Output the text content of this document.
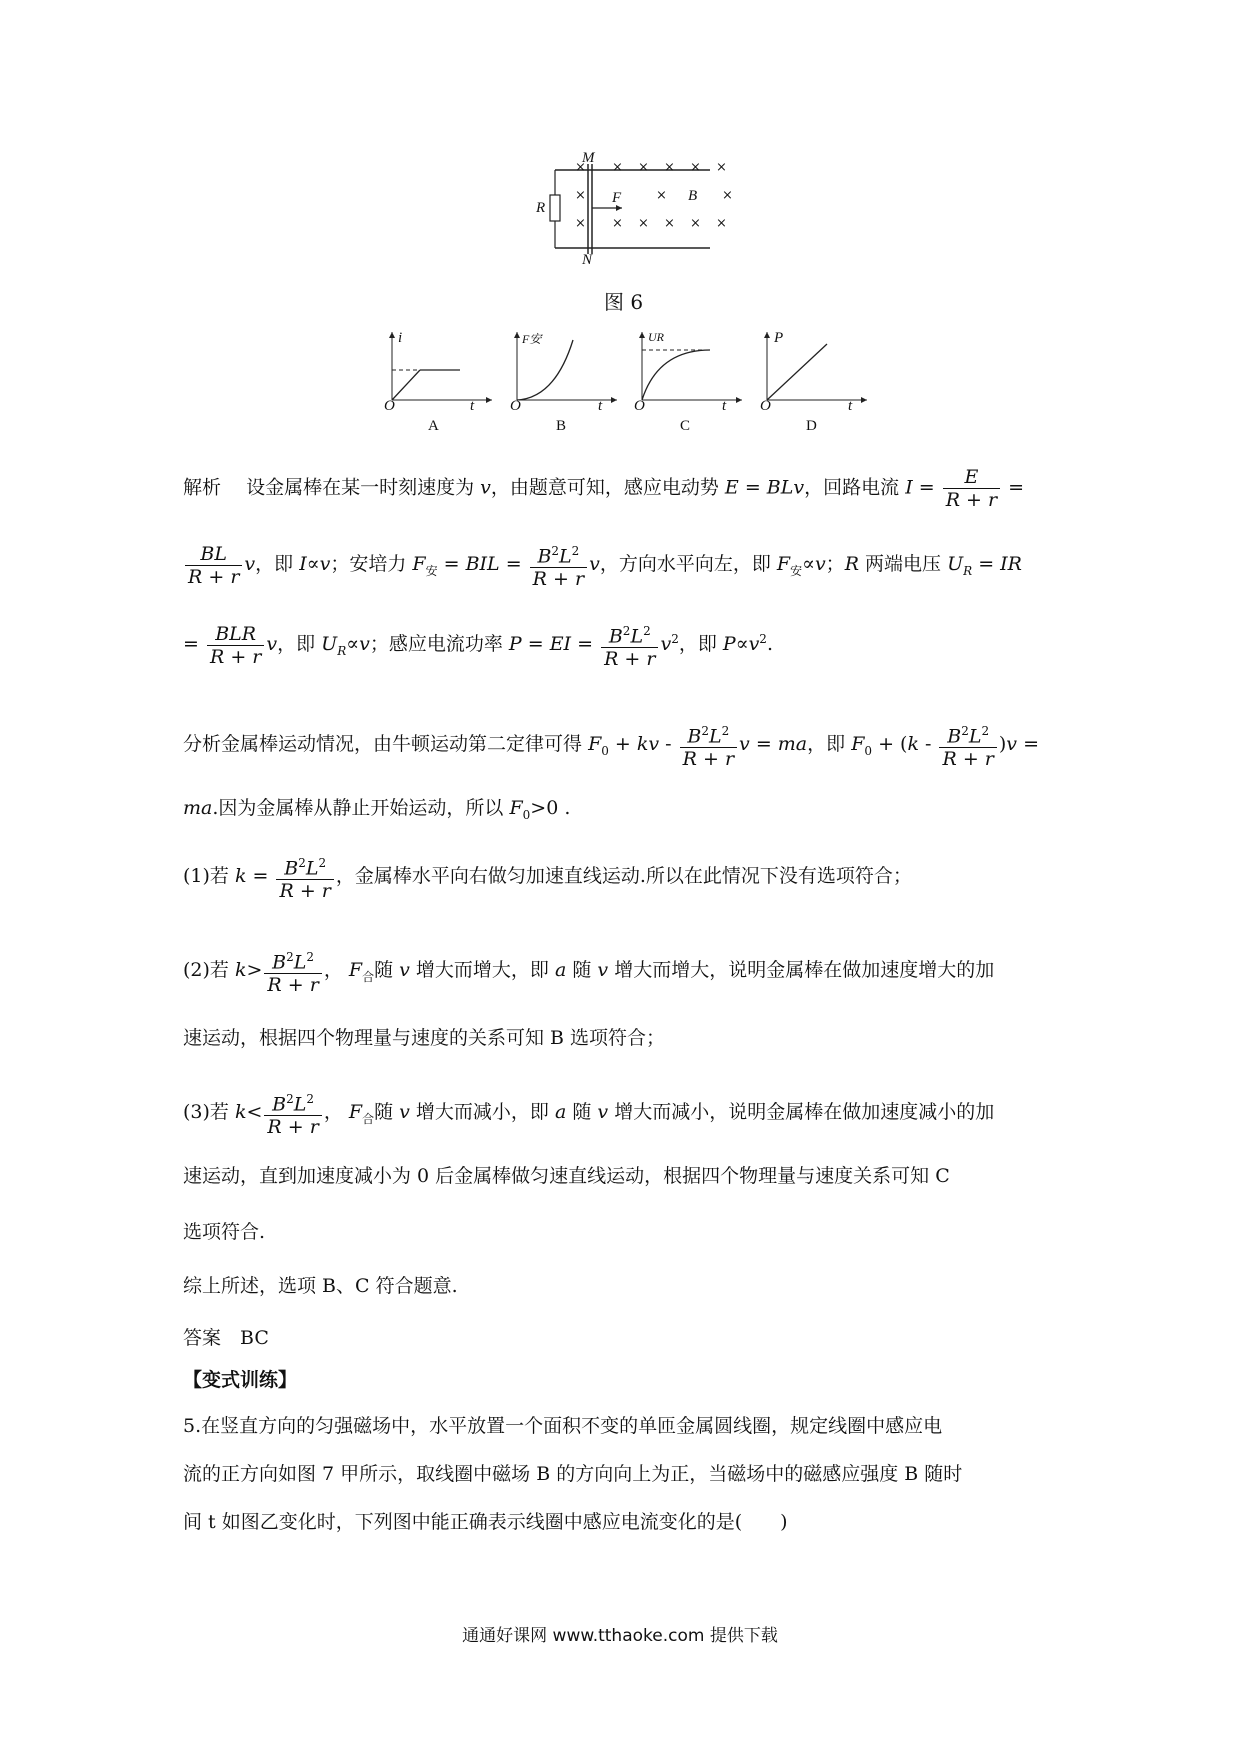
M
N
R
F	B
× × × × × ×
×	×	×
× × × × × ×
图 6
i
O	t
A
F安
O	t
B
UR
O	t
C
P
O	t
D
解析　 设金属棒在某一时刻速度为 v，由题意可知，感应电动势 E = BLv，回路电流 $I = \frac{E}{R + r}$ =
$\frac{BL}{R + r}$ v，即 I∝v；安培力 $F_安$ = BIL = $\frac{B^2L^2}{R + r}$ v，方向水平向左，即 $F_安\propto v$；R 两端电压 $U_R$ = IR
= $\frac{\text{BLR}}{R + r}$ v，即 $U_R\propto v$；感应电流功率 P = EI = $\frac{B^2L^2}{R + r} v^2$，即 $P\propto v^2$.
分析金属棒运动情况，由牛顿运动第二定律可得 $F_0$ + kv - $\frac{B^2L^2}{R + r}$ v = ma，即 $F_0 + (k - \frac{B^2L^2}{R + r} )v$ =
ma.因为金属棒从静止开始运动，所以 $F_0>0$ .
(1)若 $k = \frac{B^2L^2}{R + r}$ ，金属棒水平向右做匀加速直线运动.所以在此情况下没有选项符合；
(2)若 $k> \frac{B^2L^2}{R + r}$ ， $F_合$随 v 增大而增大，即 a 随 v 增大而增大，说明金属棒在做加速度增大的加
速运动，根据四个物理量与速度的关系可知 B 选项符合；
(3)若 $k< \frac{B^2L^2}{R + r}$ ， $F_合$随 v 增大而减小，即 a 随 v 增大而减小，说明金属棒在做加速度减小的加
速运动，直到加速度减小为 0 后金属棒做匀速直线运动，根据四个物理量与速度关系可知 C
选项符合.
综上所述，选项 B、C 符合题意.
答案　BC
【变式训练】
5.在竖直方向的匀强磁场中，水平放置一个面积不变的单匝金属圆线圈，规定线圈中感应电
流的正方向如图 7 甲所示，取线圈中磁场 B 的方向向上为正，当磁场中的磁感应强度 B 随时
间 t 如图乙变化时，下列图中能正确表示线圈中感应电流变化的是(　　)
通通好课网 www.tthaoke.com 提供下载
